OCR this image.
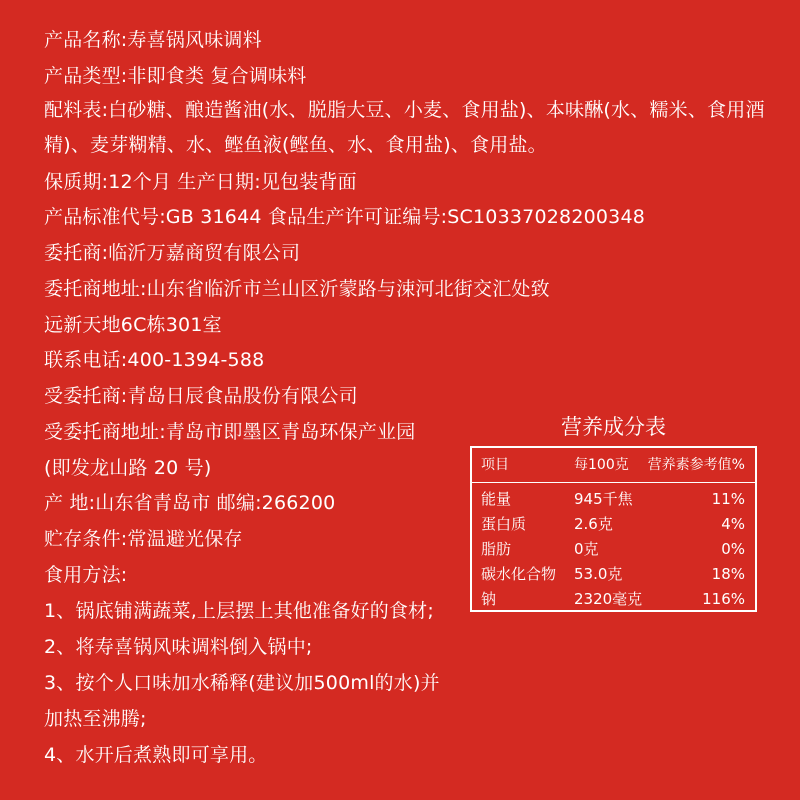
产品名称:寿喜锅风味调料
产品类型:非即食类 复合调味料
配料表:白砂糖、酿造酱油(水、脱脂大豆、小麦、食用盐)、本味醂(水、糯米、食用酒
精)、麦芽糊精、水、鲣鱼液(鲣鱼、水、食用盐)、食用盐。
保质期:12个月 生产日期:见包装背面
产品标准代号:GB 31644 食品生产许可证编号:SC10337028200348
委托商:临沂万嘉商贸有限公司
委托商地址:山东省临沂市兰山区沂蒙路与涑河北街交汇处致
远新天地6C栋301室
联系电话:400-1394-588
受委托商:青岛日辰食品股份有限公司
受委托商地址:青岛市即墨区青岛环保产业园
(即发龙山路 20 号)
产 地:山东省青岛市 邮编:266200
贮存条件:常温避光保存
食用方法:
1、锅底铺满蔬菜,上层摆上其他准备好的食材;
2、将寿喜锅风味调料倒入锅中;
3、按个人口味加水稀释(建议加500ml的水)并
加热至沸腾;
4、水开后煮熟即可享用。
营养成分表
项目	每100克 营养素参考值%
能量	945千焦	11%
蛋白质	2.6克	4%
脂肪	0克	0%
碳水化合物 53.0克	18%
钠	2320毫克	116%
